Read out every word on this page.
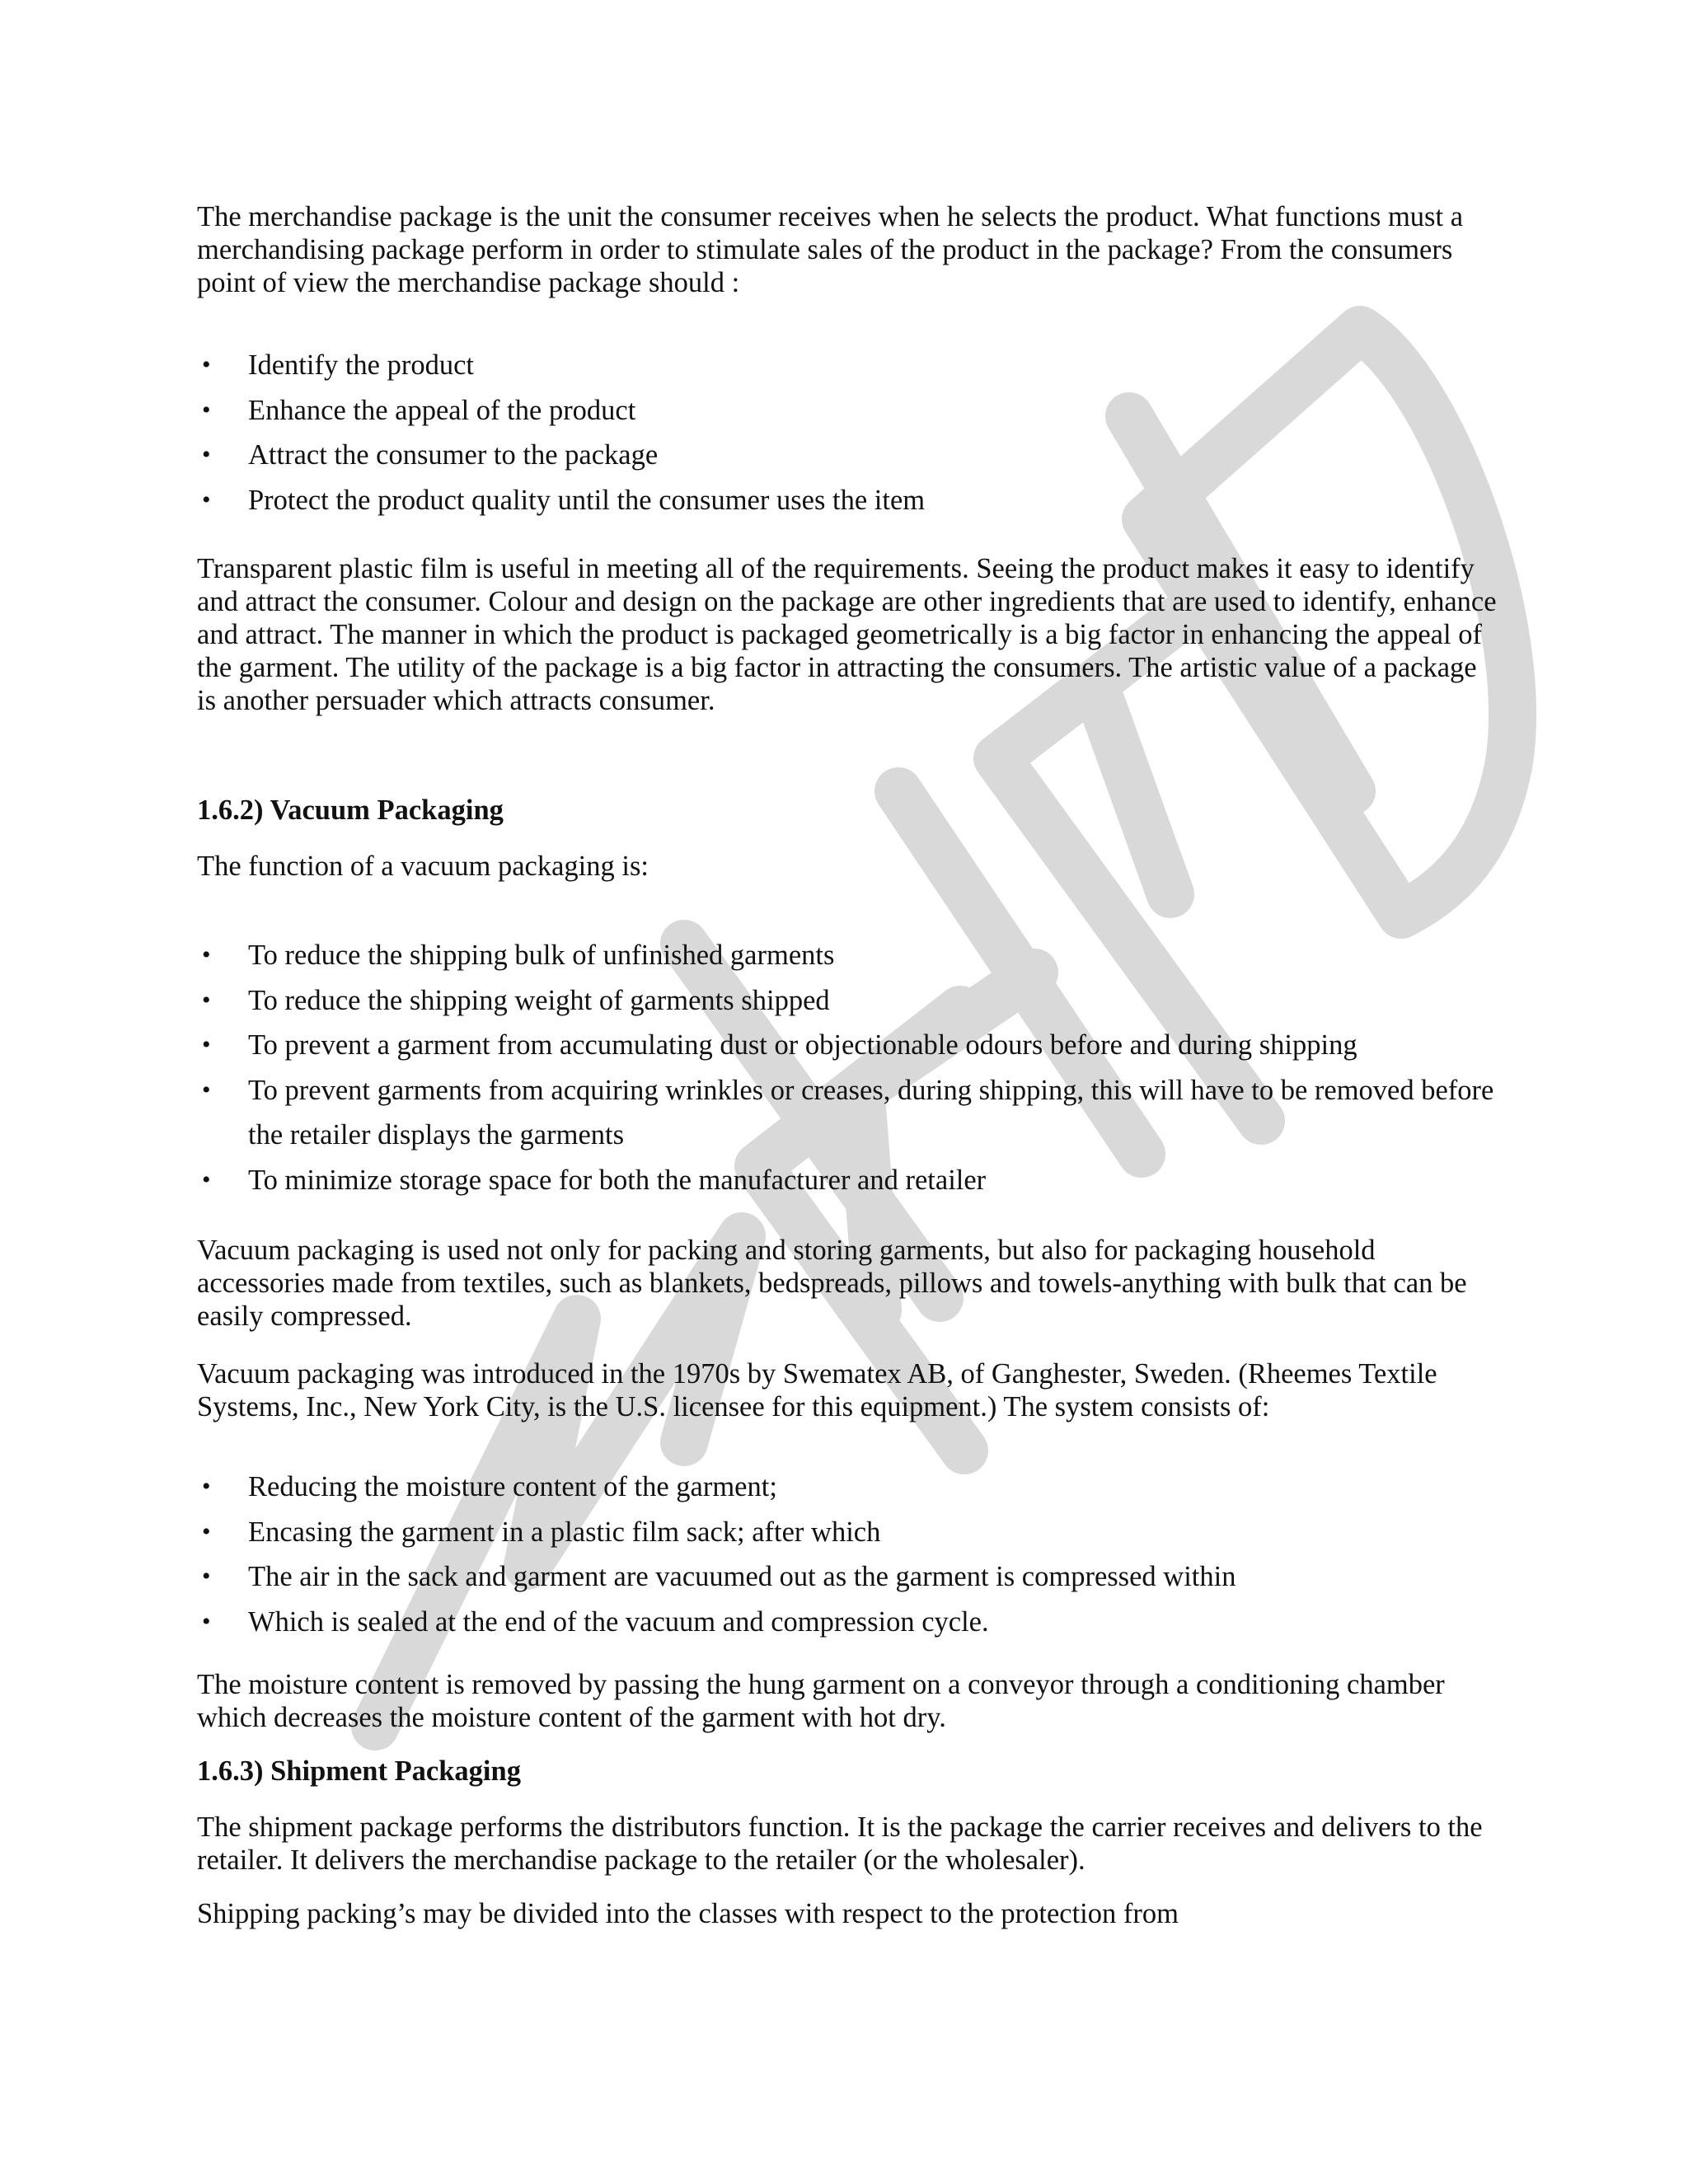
The merchandise package is the unit the consumer receives when he selects the product. What functions must a merchandising package perform in order to stimulate sales of the product in the package? From the consumers point of view the merchandise package should :

• Identify the product
• Enhance the appeal of the product
• Attract the consumer to the package
• Protect the product quality until the consumer uses the item

Transparent plastic film is useful in meeting all of the requirements. Seeing the product makes it easy to identify and attract the consumer. Colour and design on the package are other ingredients that are used to identify, enhance and attract. The manner in which the product is packaged geometrically is a big factor in enhancing the appeal of the garment. The utility of the package is a big factor in attracting the consumers. The artistic value of a package is another persuader which attracts consumer.

1.6.2) Vacuum Packaging

The function of a vacuum packaging is:

• To reduce the shipping bulk of unfinished garments
• To reduce the shipping weight of garments shipped
• To prevent a garment from accumulating dust or objectionable odours before and during shipping
• To prevent garments from acquiring wrinkles or creases, during shipping, this will have to be removed before the retailer displays the garments
• To minimize storage space for both the manufacturer and retailer

Vacuum packaging is used not only for packing and storing garments, but also for packaging household accessories made from textiles, such as blankets, bedspreads, pillows and towels-anything with bulk that can be easily compressed.

Vacuum packaging was introduced in the 1970s by Swematex AB, of Ganghester, Sweden. (Rheemes Textile Systems, Inc., New York City, is the U.S. licensee for this equipment.) The system consists of:

• Reducing the moisture content of the garment;
• Encasing the garment in a plastic film sack; after which
• The air in the sack and garment are vacuumed out as the garment is compressed within
• Which is sealed at the end of the vacuum and compression cycle.

The moisture content is removed by passing the hung garment on a conveyor through a conditioning chamber which decreases the moisture content of the garment with hot dry.

1.6.3) Shipment Packaging

The shipment package performs the distributors function. It is the package the carrier receives and delivers to the retailer. It delivers the merchandise package to the retailer (or the wholesaler).

Shipping packing’s may be divided into the classes with respect to the protection from
